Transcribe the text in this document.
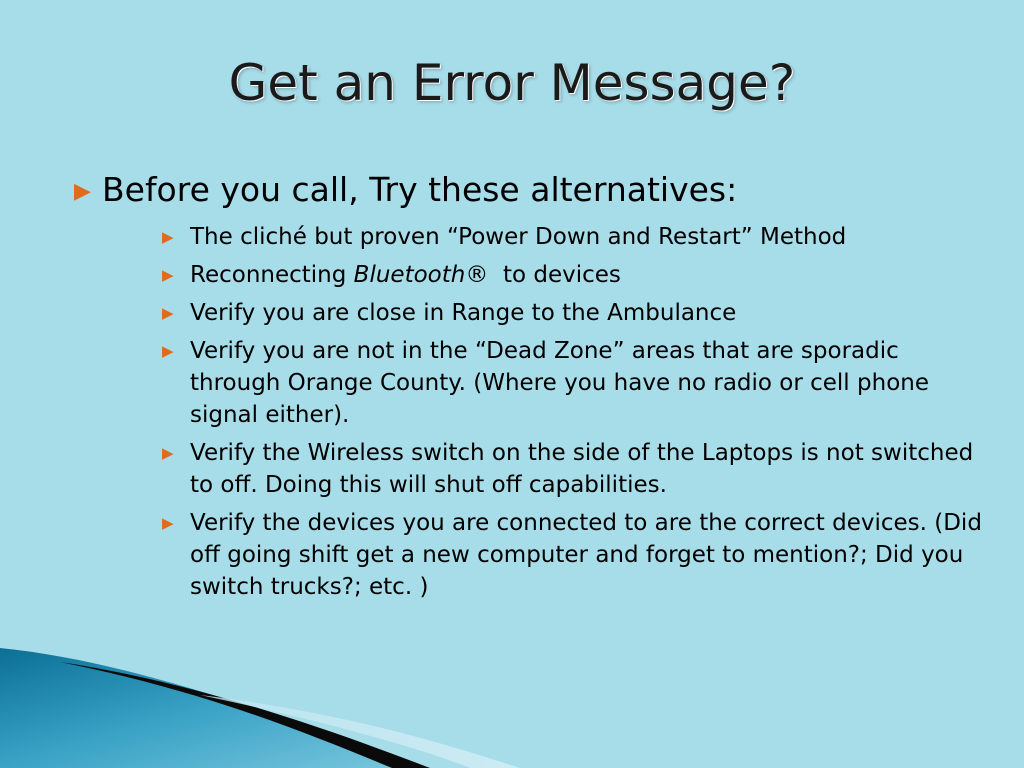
Get an Error Message?
▶ Before you call, Try these alternatives:
▶ The cliché but proven “Power Down and Restart” Method
▶ Reconnecting Bluetooth®  to devices
▶ Verify you are close in Range to the Ambulance
▶ Verify you are not in the “Dead Zone” areas that are sporadic through Orange County. (Where you have no radio or cell phone signal either).
▶ Verify the Wireless switch on the side of the Laptops is not switched to off. Doing this will shut off capabilities.
▶ Verify the devices you are connected to are the correct devices. (Did off going shift get a new computer and forget to mention?; Did you switch trucks?; etc. )
